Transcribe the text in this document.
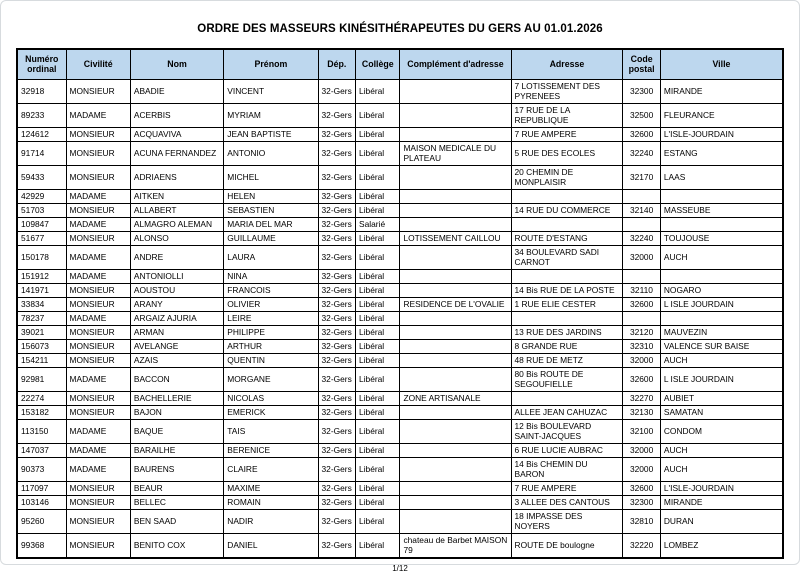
ORDRE DES MASSEURS KINÉSITHÉRAPEUTES DU GERS AU 01.01.2026
Numéro ordinal	Civilité	Nom	Prénom	Dép.	Collège	Complément d'adresse	Adresse	Code postal	Ville
32918	MONSIEUR	ABADIE	VINCENT	32-Gers	Libéral		7 LOTISSEMENT DES PYRENEES	32300	MIRANDE
89233	MADAME	ACERBIS	MYRIAM	32-Gers	Libéral		17 RUE DE LA REPUBLIQUE	32500	FLEURANCE
124612	MONSIEUR	ACQUAVIVA	JEAN BAPTISTE	32-Gers	Libéral		7 RUE AMPERE	32600	L'ISLE-JOURDAIN
91714	MONSIEUR	ACUNA FERNANDEZ	ANTONIO	32-Gers	Libéral	MAISON MEDICALE DU PLATEAU	5 RUE DES ECOLES	32240	ESTANG
59433	MONSIEUR	ADRIAENS	MICHEL	32-Gers	Libéral		20 CHEMIN DE MONPLAISIR	32170	LAAS
42929	MADAME	AITKEN	HELEN	32-Gers	Libéral				
51703	MONSIEUR	ALLABERT	SEBASTIEN	32-Gers	Libéral		14 RUE DU COMMERCE	32140	MASSEUBE
109847	MADAME	ALMAGRO ALEMAN	MARIA DEL MAR	32-Gers	Salarié				
51677	MONSIEUR	ALONSO	GUILLAUME	32-Gers	Libéral	LOTISSEMENT CAILLOU	ROUTE D'ESTANG	32240	TOUJOUSE
150178	MADAME	ANDRE	LAURA	32-Gers	Libéral		34 BOULEVARD SADI CARNOT	32000	AUCH
151912	MADAME	ANTONIOLLI	NINA	32-Gers	Libéral				
141971	MONSIEUR	AOUSTOU	FRANCOIS	32-Gers	Libéral		14 Bis RUE DE LA POSTE	32110	NOGARO
33834	MONSIEUR	ARANY	OLIVIER	32-Gers	Libéral	RESIDENCE DE L'OVALIE	1 RUE ELIE CESTER	32600	L ISLE JOURDAIN
78237	MADAME	ARGAIZ AJURIA	LEIRE	32-Gers	Libéral				
39021	MONSIEUR	ARMAN	PHILIPPE	32-Gers	Libéral		13 RUE DES JARDINS	32120	MAUVEZIN
156073	MONSIEUR	AVELANGE	ARTHUR	32-Gers	Libéral		8 GRANDE RUE	32310	VALENCE SUR BAISE
154211	MONSIEUR	AZAIS	QUENTIN	32-Gers	Libéral		48 RUE DE METZ	32000	AUCH
92981	MADAME	BACCON	MORGANE	32-Gers	Libéral		80 Bis ROUTE DE SEGOUFIELLE	32600	L ISLE JOURDAIN
22274	MONSIEUR	BACHELLERIE	NICOLAS	32-Gers	Libéral	ZONE ARTISANALE		32270	AUBIET
153182	MONSIEUR	BAJON	EMERICK	32-Gers	Libéral		ALLEE JEAN CAHUZAC	32130	SAMATAN
113150	MADAME	BAQUE	TAIS	32-Gers	Libéral		12 Bis BOULEVARD SAINT-JACQUES	32100	CONDOM
147037	MADAME	BARAILHE	BERENICE	32-Gers	Libéral		6 RUE LUCIE AUBRAC	32000	AUCH
90373	MADAME	BAURENS	CLAIRE	32-Gers	Libéral		14 Bis CHEMIN DU BARON	32000	AUCH
117097	MONSIEUR	BEAUR	MAXIME	32-Gers	Libéral		7 RUE AMPERE	32600	L'ISLE-JOURDAIN
103146	MONSIEUR	BELLEC	ROMAIN	32-Gers	Libéral		3 ALLEE DES CANTOUS	32300	MIRANDE
95260	MONSIEUR	BEN SAAD	NADIR	32-Gers	Libéral		18 IMPASSE DES NOYERS	32810	DURAN
99368	MONSIEUR	BENITO COX	DANIEL	32-Gers	Libéral	chateau de Barbet MAISON 79	ROUTE DE boulogne	32220	LOMBEZ
1/12
